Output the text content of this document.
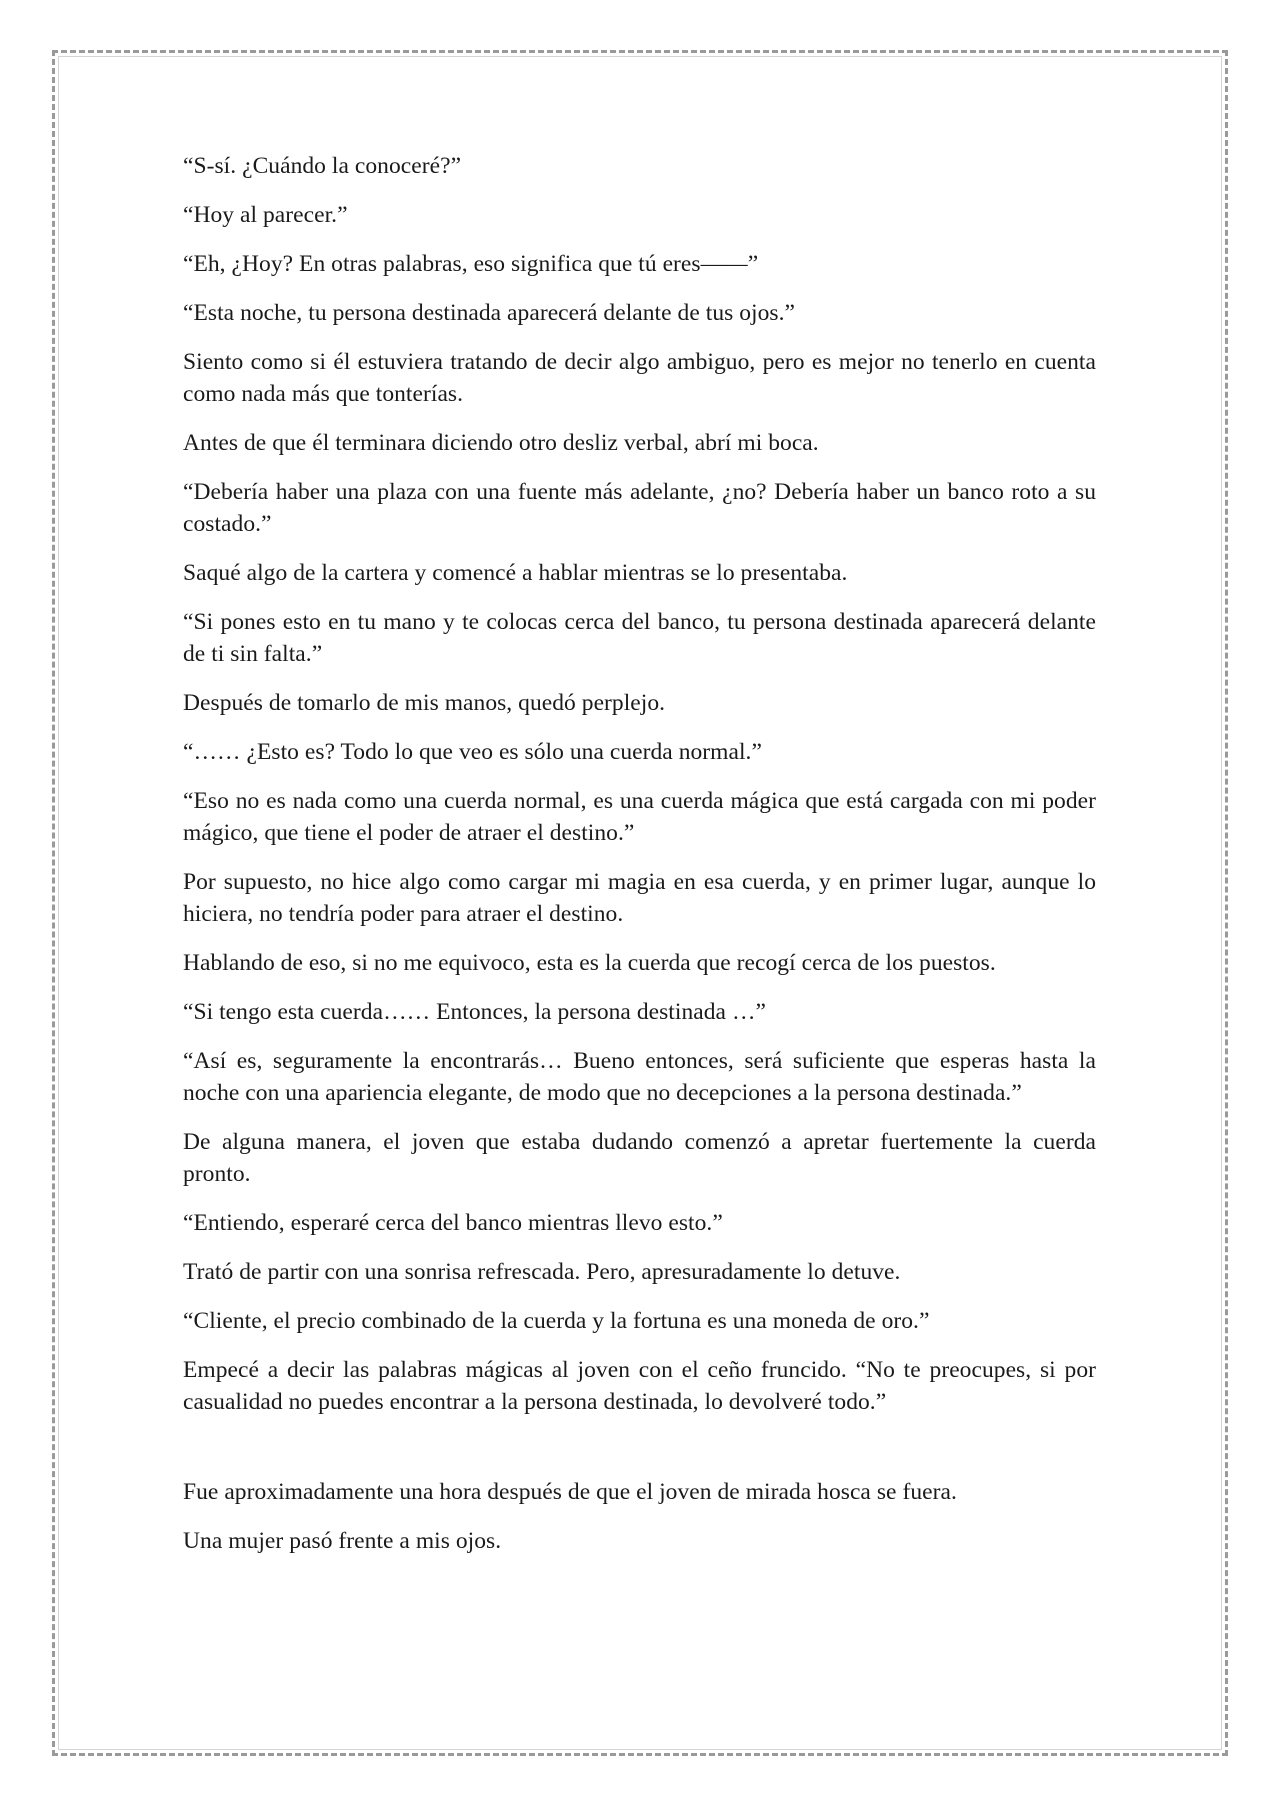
“S-sí. ¿Cuándo la conoceré?”

“Hoy al parecer.”

“Eh, ¿Hoy? En otras palabras, eso significa que tú eres——”

“Esta noche, tu persona destinada aparecerá delante de tus ojos.”

Siento como si él estuviera tratando de decir algo ambiguo, pero es mejor no tenerlo en cuenta como nada más que tonterías.

Antes de que él terminara diciendo otro desliz verbal, abrí mi boca.

“Debería haber una plaza con una fuente más adelante, ¿no? Debería haber un banco roto a su costado.”

Saqué algo de la cartera y comencé a hablar mientras se lo presentaba.

“Si pones esto en tu mano y te colocas cerca del banco, tu persona destinada aparecerá delante de ti sin falta.”

Después de tomarlo de mis manos, quedó perplejo.

“…… ¿Esto es? Todo lo que veo es sólo una cuerda normal.”

“Eso no es nada como una cuerda normal, es una cuerda mágica que está cargada con mi poder mágico, que tiene el poder de atraer el destino.”

Por supuesto, no hice algo como cargar mi magia en esa cuerda, y en primer lugar, aunque lo hiciera, no tendría poder para atraer el destino.

Hablando de eso, si no me equivoco, esta es la cuerda que recogí cerca de los puestos.

“Si tengo esta cuerda…… Entonces, la persona destinada …”

“Así es, seguramente la encontrarás… Bueno entonces, será suficiente que esperas hasta la noche con una apariencia elegante, de modo que no decepciones a la persona destinada.”

De alguna manera, el joven que estaba dudando comenzó a apretar fuertemente la cuerda pronto.

“Entiendo, esperaré cerca del banco mientras llevo esto.”

Trató de partir con una sonrisa refrescada. Pero, apresuradamente lo detuve.

“Cliente, el precio combinado de la cuerda y la fortuna es una moneda de oro.”

Empecé a decir las palabras mágicas al joven con el ceño fruncido. “No te preocupes, si por casualidad no puedes encontrar a la persona destinada, lo devolveré todo.”

Fue aproximadamente una hora después de que el joven de mirada hosca se fuera.

Una mujer pasó frente a mis ojos.
